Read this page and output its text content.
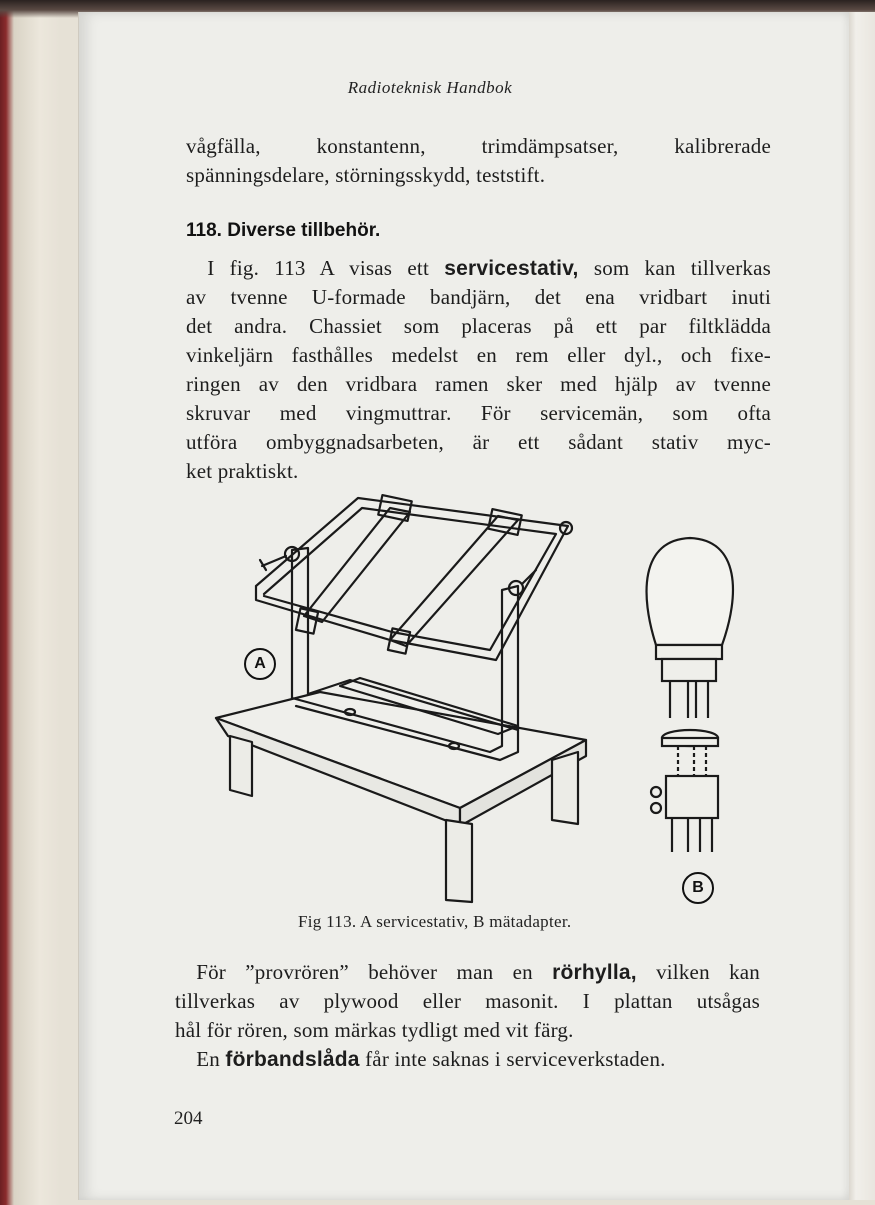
Radioteknisk Handbok
vågfälla, konstantenn, trimdämpsatser, kalibrerade
spänningsdelare, störningsskydd, teststift.
118. Diverse tillbehör.
 I fig. 113 A visas ett servicestativ, som kan tillverkas
av tvenne U-formade bandjärn, det ena vridbart inuti
det andra. Chassiet som placeras på ett par filtklädda
vinkeljärn fasthålles medelst en rem eller dyl., och fixe-
ringen av den vridbara ramen sker med hjälp av tvenne
skruvar med vingmuttrar. För servicemän, som ofta
utföra ombyggnadsarbeten, är ett sådant stativ myc-
ket praktiskt.
A
B
Fig 113. A servicestativ, B mätadapter.
 För ”provrören” behöver man en rörhylla, vilken kan
tillverkas av plywood eller masonit. I plattan utsågas
hål för rören, som märkas tydligt med vit färg.
 En förbandslåda får inte saknas i serviceverkstaden.
204
